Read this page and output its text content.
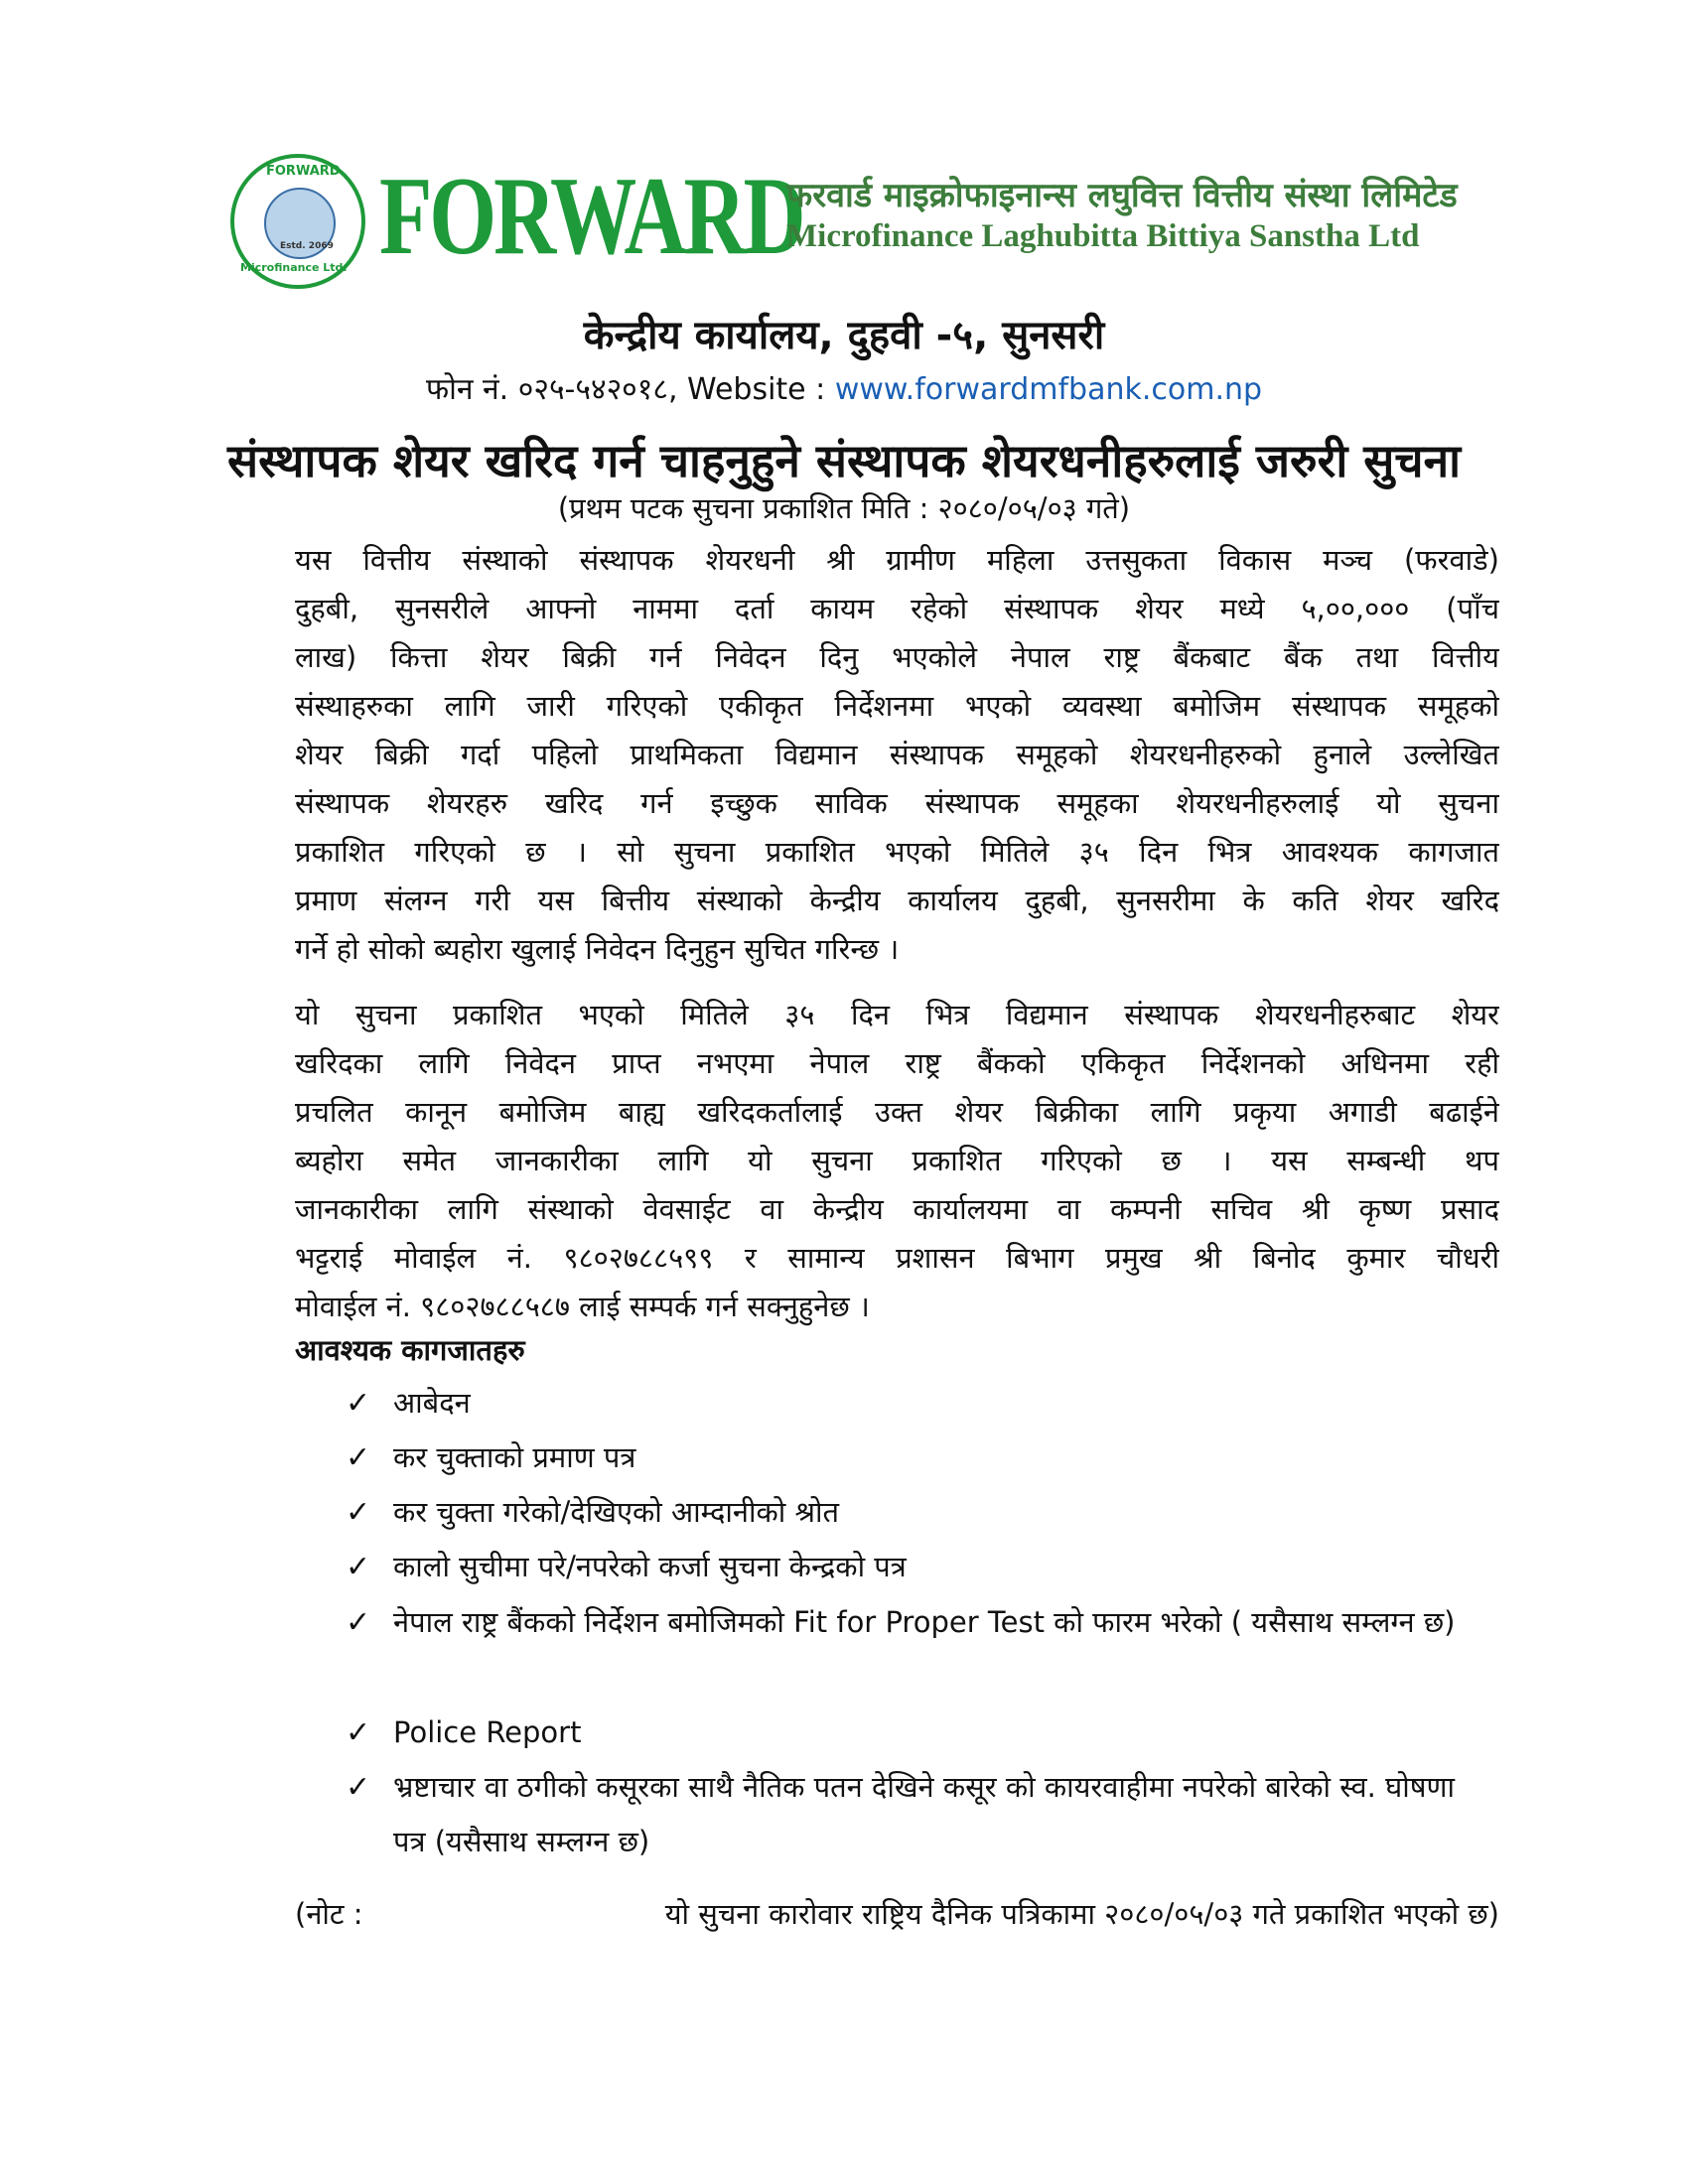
FORWARD
Estd. 2069
Microfinance Ltd. FORWARD
फरवार्ड माइक्रोफाइनान्स लघुवित्त वित्तीय संस्था लिमिटेड
Microfinance Laghubitta Bittiya Sanstha Ltd
केन्द्रीय कार्यालय, दुहवी -५, सुनसरी
फोन नं. ०२५-५४२०१८, Website : www.forwardmfbank.com.np
संस्थापक शेयर खरिद गर्न चाहनुहुने संस्थापक शेयरधनीहरुलाई जरुरी सुचना
(प्रथम पटक सुचना प्रकाशित मिति : २०८०/०५/०३ गते)
यस वित्तीय संस्थाको संस्थापक शेयरधनी श्री ग्रामीण महिला उत्तसुकता विकास मञ्च (फरवाडे)
दुहबी, सुनसरीले आफ्नो नाममा दर्ता कायम रहेको संस्थापक शेयर मध्ये ५,००,००० (पाँच
लाख) कित्ता शेयर बिक्री गर्न निवेदन दिनु भएकोले नेपाल राष्ट्र बैंकबाट बैंक तथा वित्तीय
संस्थाहरुका लागि जारी गरिएको एकीकृत निर्देशनमा भएको व्यवस्था बमोजिम संस्थापक समूहको
शेयर बिक्री गर्दा पहिलो प्राथमिकता विद्यमान संस्थापक समूहको शेयरधनीहरुको हुनाले उल्लेखित
संस्थापक शेयरहरु खरिद गर्न इच्छुक साविक संस्थापक समूहका शेयरधनीहरुलाई यो सुचना
प्रकाशित गरिएको छ । सो सुचना प्रकाशित भएको मितिले ३५ दिन भित्र आवश्यक कागजात
प्रमाण संलग्न गरी यस बित्तीय संस्थाको केन्द्रीय कार्यालय दुहबी, सुनसरीमा के कति शेयर खरिद
गर्ने हो सोको ब्यहोरा खुलाई निवेदन दिनुहुन सुचित गरिन्छ ।
यो सुचना प्रकाशित भएको मितिले ३५ दिन भित्र विद्यमान संस्थापक शेयरधनीहरुबाट शेयर
खरिदका लागि निवेदन प्राप्त नभएमा नेपाल राष्ट्र बैंकको एकिकृत निर्देशनको अधिनमा रही
प्रचलित कानून बमोजिम बाह्य खरिदकर्तालाई उक्त शेयर बिक्रीका लागि प्रकृया अगाडी बढाईने
ब्यहोरा समेत जानकारीका लागि यो सुचना प्रकाशित गरिएको छ । यस सम्बन्धी थप
जानकारीका लागि संस्थाको वेवसाईट वा केन्द्रीय कार्यालयमा वा कम्पनी सचिव श्री कृष्ण प्रसाद
भट्टराई मोवाईल नं. ९८०२७८८५९९ र सामान्य प्रशासन बिभाग प्रमुख श्री बिनोद कुमार चौधरी
मोवाईल नं. ९८०२७८८५८७ लाई सम्पर्क गर्न सक्नुहुनेछ ।
आवश्यक कागजातहरु
✓ आबेदन
✓ कर चुक्ताको प्रमाण पत्र
✓ कर चुक्ता गरेको/देखिएको आम्दानीको श्रोत
✓ कालो सुचीमा परे/नपरेको कर्जा सुचना केन्द्रको पत्र
✓ नेपाल राष्ट्र बैंकको निर्देशन बमोजिमको Fit for Proper Test को फारम भरेको ( यसैसाथ सम्लग्न छ)
✓ Police Report
✓ भ्रष्टाचार वा ठगीको कसूरका साथै नैतिक पतन देखिने कसूर को कायरवाहीमा नपरेको बारेको स्व. घोषणा पत्र (यसैसाथ सम्लग्न छ)
(नोट :	यो सुचना कारोवार राष्ट्रिय दैनिक पत्रिकामा २०८०/०५/०३ गते प्रकाशित भएको छ)
